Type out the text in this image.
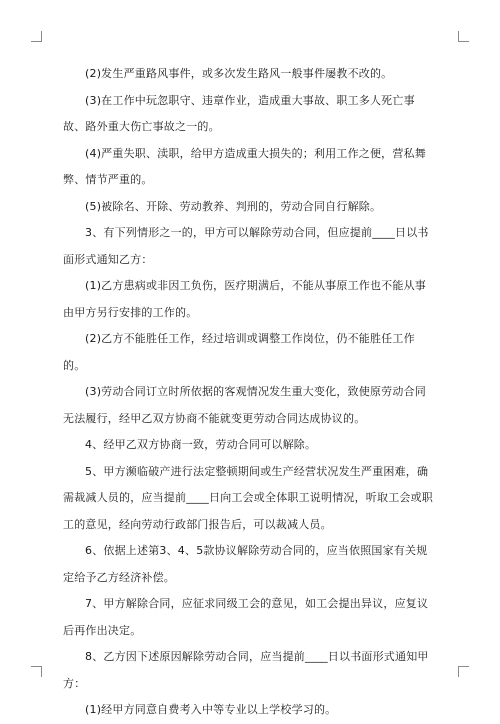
(2)发生严重路风事件，或多次发生路风一般事件屡教不改的。

(3)在工作中玩忽职守、违章作业，造成重大事故、职工多人死亡事故、路外重大伤亡事故之一的。

(4)严重失职、渎职，给甲方造成重大损失的；利用工作之便，营私舞弊、情节严重的。

(5)被除名、开除、劳动教养、判刑的，劳动合同自行解除。

3、有下列情形之一的，甲方可以解除劳动合同，但应提前____日以书面形式通知乙方：

(1)乙方患病或非因工负伤，医疗期满后，不能从事原工作也不能从事由甲方另行安排的工作的。

(2)乙方不能胜任工作，经过培训或调整工作岗位，仍不能胜任工作的。

(3)劳动合同订立时所依据的客观情况发生重大变化，致使原劳动合同无法履行，经甲乙双方协商不能就变更劳动合同达成协议的。

4、经甲乙双方协商一致，劳动合同可以解除。

5、甲方濒临破产进行法定整顿期间或生产经营状况发生严重困难，确需裁减人员的，应当提前____日向工会或全体职工说明情况，听取工会或职工的意见，经向劳动行政部门报告后，可以裁减人员。

6、依据上述第3、4、5款协议解除劳动合同的，应当依照国家有关规定给予乙方经济补偿。

7、甲方解除合同，应征求同级工会的意见，如工会提出异议，应复议后再作出决定。

8、乙方因下述原因解除劳动合同，应当提前____日以书面形式通知甲方：

(1)经甲方同意自费考入中等专业以上学校学习的。
